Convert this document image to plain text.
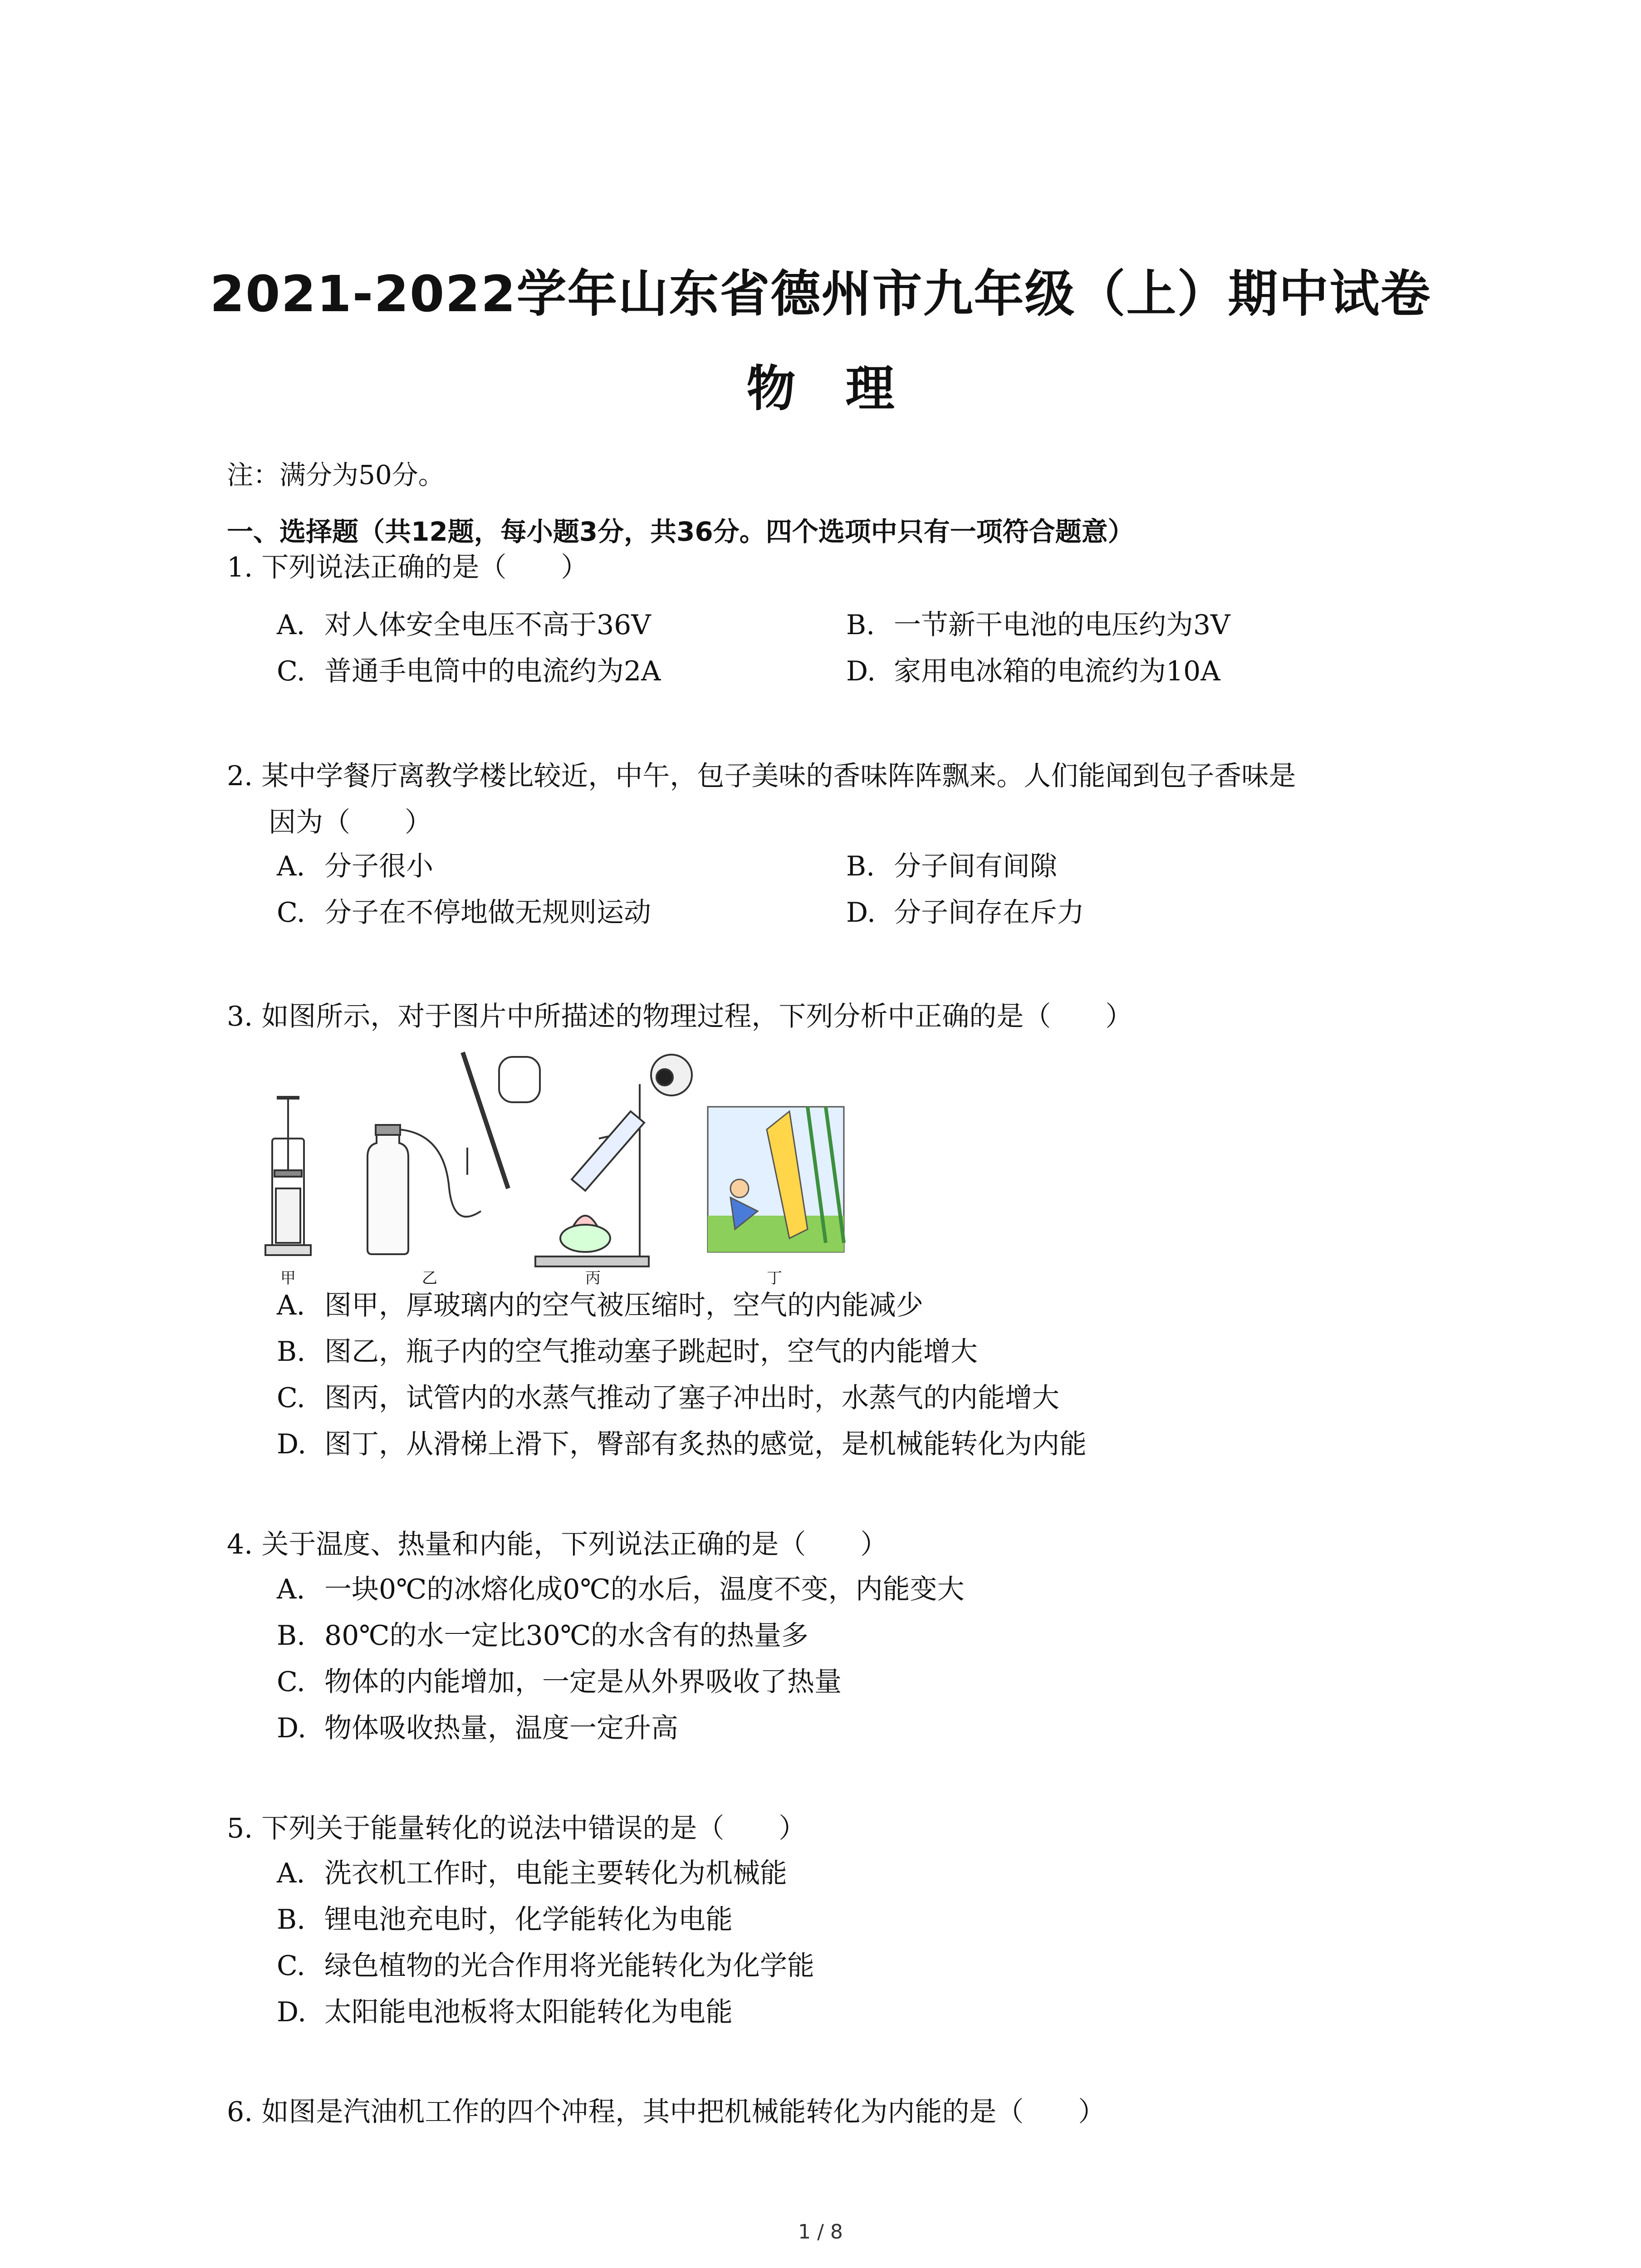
2021-2022学年山东省德州市九年级（上）期中试卷
物理
注：满分为50分。
一、选择题（共12题，每小题3分，共36分。四个选项中只有一项符合题意）
1. 下列说法正确的是（　　）
A. 对人体安全电压不高于36V	B. 一节新干电池的电压约为3V
C. 普通手电筒中的电流约为2A	D. 家用电冰箱的电流约为10A
2. 某中学餐厅离教学楼比较近，中午，包子美味的香味阵阵飘来。人们能闻到包子香味是
因为（　　）
A. 分子很小	B. 分子间有间隙
C. 分子在不停地做无规则运动	D. 分子间存在斥力
3. 如图所示，对于图片中所描述的物理过程，下列分析中正确的是（　　）
甲	乙	丙	丁
A. 图甲，厚玻璃内的空气被压缩时，空气的内能减少
B. 图乙，瓶子内的空气推动塞子跳起时，空气的内能增大
C. 图丙，试管内的水蒸气推动了塞子冲出时，水蒸气的内能增大
D. 图丁，从滑梯上滑下，臀部有炙热的感觉，是机械能转化为内能
4. 关于温度、热量和内能，下列说法正确的是（　　）
A. 一块0℃的冰熔化成0℃的水后，温度不变，内能变大
B. 80℃的水一定比30℃的水含有的热量多
C. 物体的内能增加，一定是从外界吸收了热量
D. 物体吸收热量，温度一定升高
5. 下列关于能量转化的说法中错误的是（　　）
A. 洗衣机工作时，电能主要转化为机械能
B. 锂电池充电时，化学能转化为电能
C. 绿色植物的光合作用将光能转化为化学能
D. 太阳能电池板将太阳能转化为电能
6. 如图是汽油机工作的四个冲程，其中把机械能转化为内能的是（　　）
1 / 8
